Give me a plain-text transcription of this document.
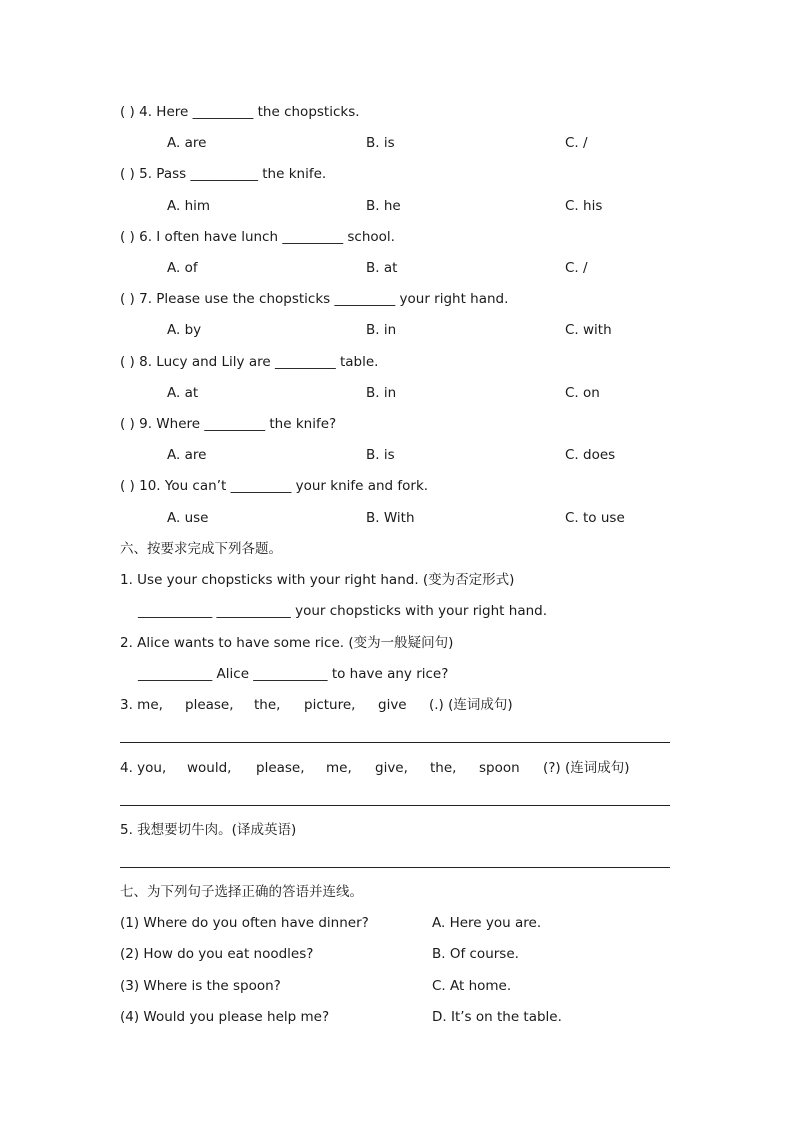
( ) 4. Here _________ the chopsticks.
A. are	B. is	C. /
( ) 5. Pass __________ the knife.
A. him	B. he	C. his
( ) 6. I often have lunch _________ school.
A. of	B. at	C. /
( ) 7. Please use the chopsticks _________ your right hand.
A. by	B. in	C. with
( ) 8. Lucy and Lily are _________ table.
A. at	B. in	C. on
( ) 9. Where _________ the knife?
A. are	B. is	C. does
( ) 10. You can’t _________ your knife and fork.
A. use	B. With	C. to use
六、按要求完成下列各题。
1. Use your chopsticks with your right hand. (变为否定形式)
___________ ___________ your chopsticks with your right hand.
2. Alice wants to have some rice. (变为一般疑问句)
___________ Alice ___________ to have any rice?
3. me, please, the, picture, give (.) (连词成句)
4. you, would, please, me, give, the, spoon (?) (连词成句)
5. 我想要切牛肉。(译成英语)
七、为下列句子选择正确的答语并连线。
(1) Where do you often have dinner?	A. Here you are.
(2) How do you eat noodles?	B. Of course.
(3) Where is the spoon?	C. At home.
(4) Would you please help me?	D. It’s on the table.
